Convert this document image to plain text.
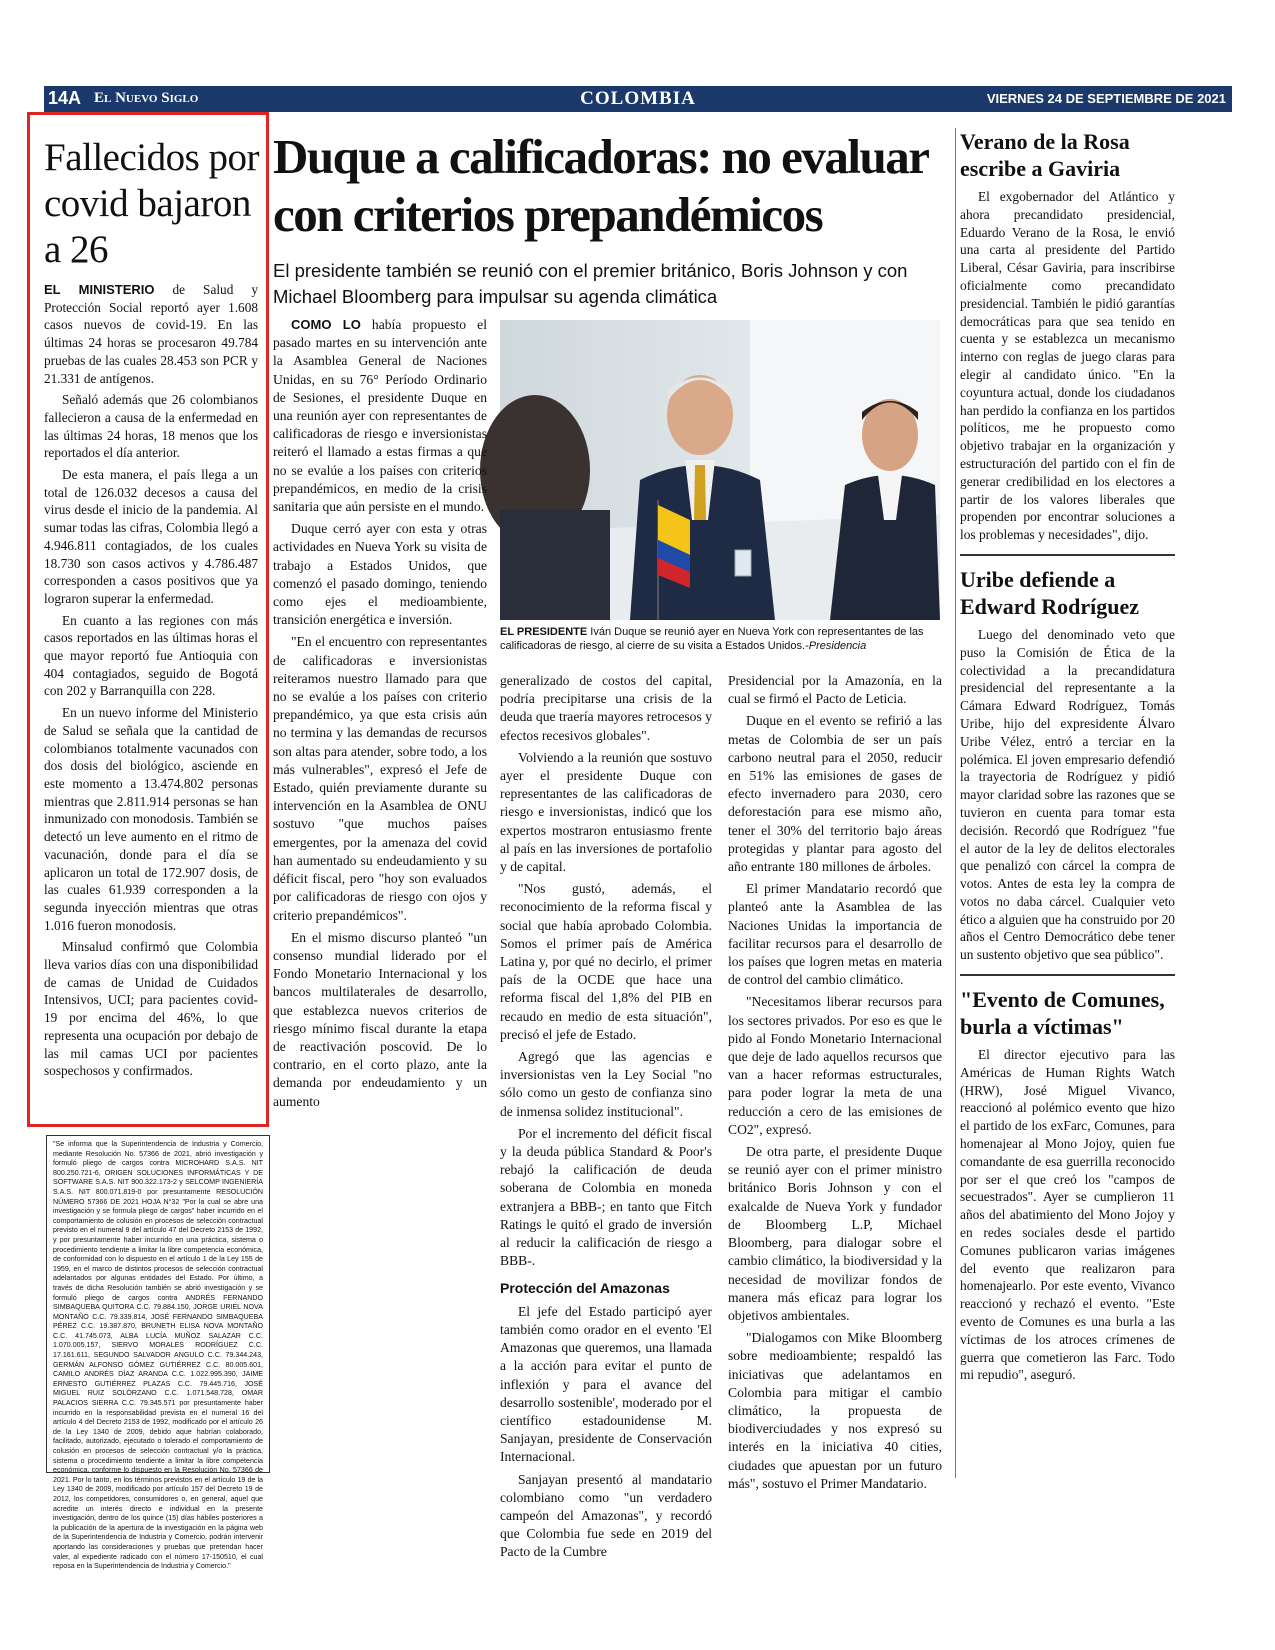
14A El Nuevo Siglo	COLOMBIA	VIERNES 24 DE SEPTIEMBRE DE 2021
Fallecidos por covid bajaron a 26

EL MINISTERIO de Salud y Protección Social reportó ayer 1.608 casos nuevos de covid-19. En las últimas 24 horas se procesaron 49.784 pruebas de las cuales 28.453 son PCR y 21.331 de antígenos.

Señaló además que 26 colombianos fallecieron a causa de la enfermedad en las últimas 24 horas, 18 menos que los reportados el día anterior.

De esta manera, el país llega a un total de 126.032 decesos a causa del virus desde el inicio de la pandemia. Al sumar todas las cifras, Colombia llegó a 4.946.811 contagiados, de los cuales 18.730 son casos activos y 4.786.487 corresponden a casos positivos que ya lograron superar la enfermedad.

En cuanto a las regiones con más casos reportados en las últimas horas el que mayor reportó fue Antioquia con 404 contagiados, seguido de Bogotá con 202 y Barranquilla con 228.

En un nuevo informe del Ministerio de Salud se señala que la cantidad de colombianos totalmente vacunados con dos dosis del biológico, asciende en este momento a 13.474.802 personas mientras que 2.811.914 personas se han inmunizado con monodosis. También se detectó un leve aumento en el ritmo de vacunación, donde para el día se aplicaron un total de 172.907 dosis, de las cuales 61.939 corresponden a la segunda inyección mientras que otras 1.016 fueron monodosis.

Minsalud confirmó que Colombia lleva varios días con una disponibilidad de camas de Unidad de Cuidados Intensivos, UCI; para pacientes covid-19 por encima del 46%, lo que representa una ocupación por debajo de las mil camas UCI por pacientes sospechosos y confirmados.

"Se informa que la Superintendencia de Industria y Comercio, mediante Resolución No. 57366 de 2021, abrió investigación y formuló pliego de cargos contra MICROHARD S.A.S. NIT 800.250.721-6, ORIGEN SOLUCIONES INFORMÁTICAS Y DE SOFTWARE S.A.S. NIT 900.322.173-2 y SELCOMP INGENIERÍA S.A.S. NIT 800.071.819-0 por presuntamente RESOLUCIÓN NÚMERO 57366 DE 2021 HOJA N°32 "Por la cual se abre una investigación y se formula pliego de cargos" haber incurrido en el comportamiento de colusión en procesos de selección contractual previsto en el numeral 9 del artículo 47 del Decreto 2153 de 1992, y por presuntamente haber incurrido en una práctica, sistema o procedimiento tendiente a limitar la libre competencia económica, de conformidad con lo dispuesto en el artículo 1 de la Ley 155 de 1959, en el marco de distintos procesos de selección contractual adelantados por algunas entidades del Estado. Por último, a través de dicha Resolución también se abrió investigación y se formuló pliego de cargos contra ANDRÉS FERNANDO SIMBAQUEBA QUITORA C.C. 79.884.150, JORGE URIEL NOVA MONTAÑO C.C. 79.339.814, JOSÉ FERNANDO SIMBAQUEBA PÉREZ C.C. 19.387.870, BRUNETH ELISA NOVA MONTAÑO C.C. 41.745.073, ALBA LUCÍA MUÑOZ SALAZAR C.C. 1.070.005.157, SIERVO MORALES RODRÍGUEZ C.C. 17.161.611, SEGUNDO SALVADOR ANGULO C.C. 79.344.243, GERMÁN ALFONSO GÓMEZ GUTIÉRREZ C.C. 80.005.601, CAMILO ANDRÉS DÍAZ ARANDA C.C. 1.022.995.390, JAIME ERNESTO GUTIÉRREZ PLAZAS C.C. 79.445.716, JOSÉ MIGUEL RUIZ SOLÓRZANO C.C. 1.071.548.728, OMAR PALACIOS SIERRA C.C. 79.345.571 por presuntamente haber incurrido en la responsabilidad prevista en el numeral 16 del artículo 4 del Decreto 2153 de 1992, modificado por el artículo 26 de la Ley 1340 de 2009, debido aque habrían colaborado, facilitado, autorizado, ejecutado o tolerado el comportamiento de colusión en procesos de selección contractual y/o la práctica, sistema o procedimiento tendiente a limitar la libre competencia económica, conforme lo dispuesto en la Resolución No. 57366 de 2021. Por lo tanto, en los términos previstos en el artículo 19 de la Ley 1340 de 2009, modificado por artículo 157 del Decreto 19 de 2012, los competidores, consumidores o, en general, aquel que acredite un interés directo e individual en la presente investigación, dentro de los quince (15) días hábiles posteriores a la publicación de la apertura de la investigación en la página web de la Superintendencia de Industria y Comercio, podrán intervenir aportando las consideraciones y pruebas que pretendan hacer valer, al expediente radicado con el número 17-150510, el cual reposa en la Superintendencia de Industria y Comercio."
Duque a calificadoras: no evaluar con criterios prepandémicos

El presidente también se reunió con el premier británico, Boris Johnson y con Michael Bloomberg para impulsar su agenda climática

EL PRESIDENTE Iván Duque se reunió ayer en Nueva York con representantes de las calificadoras de riesgo, al cierre de su visita a Estados Unidos.-Presidencia

COMO LO había propuesto el pasado martes en su intervención ante la Asamblea General de Naciones Unidas, en su 76° Período Ordinario de Sesiones, el presidente Duque en una reunión ayer con representantes de calificadoras de riesgo e inversionistas reiteró el llamado a estas firmas a que no se evalúe a los países con criterios prepandémicos, en medio de la crisis sanitaria que aún persiste en el mundo.

Duque cerró ayer con esta y otras actividades en Nueva York su visita de trabajo a Estados Unidos, que comenzó el pasado domingo, teniendo como ejes el medioambiente, transición energética e inversión.

"En el encuentro con representantes de calificadoras e inversionistas reiteramos nuestro llamado para que no se evalúe a los países con criterio prepandémico, ya que esta crisis aún no termina y las demandas de recursos son altas para atender, sobre todo, a los más vulnerables", expresó el Jefe de Estado, quién previamente durante su intervención en la Asamblea de ONU sostuvo "que muchos países emergentes, por la amenaza del covid han aumentado su endeudamiento y su déficit fiscal, pero "hoy son evaluados por calificadoras de riesgo con ojos y criterio prepandémicos".

En el mismo discurso planteó "un consenso mundial liderado por el Fondo Monetario Internacional y los bancos multilaterales de desarrollo, que establezca nuevos criterios de riesgo mínimo fiscal durante la etapa de reactivación poscovid. De lo contrario, en el corto plazo, ante la demanda por endeudamiento y un aumento

generalizado de costos del capital, podría precipitarse una crisis de la deuda que traería mayores retrocesos y efectos recesivos globales".

Volviendo a la reunión que sostuvo ayer el presidente Duque con representantes de las calificadoras de riesgo e inversionistas, indicó que los expertos mostraron entusiasmo frente al país en las inversiones de portafolio y de capital.

"Nos gustó, además, el reconocimiento de la reforma fiscal y social que había aprobado Colombia. Somos el primer país de América Latina y, por qué no decirlo, el primer país de la OCDE que hace una reforma fiscal del 1,8% del PIB en recaudo en medio de esta situación", precisó el jefe de Estado.

Agregó que las agencias e inversionistas ven la Ley Social "no sólo como un gesto de confianza sino de inmensa solidez institucional".

Por el incremento del déficit fiscal y la deuda pública Standard & Poor's rebajó la calificación de deuda soberana de Colombia en moneda extranjera a BBB-; en tanto que Fitch Ratings le quitó el grado de inversión al reducir la calificación de riesgo a BBB-.

Protección del Amazonas

El jefe del Estado participó ayer también como orador en el evento 'El Amazonas que queremos, una llamada a la acción para evitar el punto de inflexión y para el avance del desarrollo sostenible', moderado por el científico estadounidense M. Sanjayan, presidente de Conservación Internacional.

Sanjayan presentó al mandatario colombiano como "un verdadero campeón del Amazonas", y recordó que Colombia fue sede en 2019 del Pacto de la Cumbre

Presidencial por la Amazonía, en la cual se firmó el Pacto de Leticia.

Duque en el evento se refirió a las metas de Colombia de ser un país carbono neutral para el 2050, reducir en 51% las emisiones de gases de efecto invernadero para 2030, cero deforestación para ese mismo año, tener el 30% del territorio bajo áreas protegidas y plantar para agosto del año entrante 180 millones de árboles.

El primer Mandatario recordó que planteó ante la Asamblea de las Naciones Unidas la importancia de facilitar recursos para el desarrollo de los países que logren metas en materia de control del cambio climático.

"Necesitamos liberar recursos para los sectores privados. Por eso es que le pido al Fondo Monetario Internacional que deje de lado aquellos recursos que van a hacer reformas estructurales, para poder lograr la meta de una reducción a cero de las emisiones de CO2", expresó.

De otra parte, el presidente Duque se reunió ayer con el primer ministro británico Boris Johnson y con el exalcalde de Nueva York y fundador de Bloomberg L.P, Michael Bloomberg, para dialogar sobre el cambio climático, la biodiversidad y la necesidad de movilizar fondos de manera más eficaz para lograr los objetivos ambientales.

"Dialogamos con Mike Bloomberg sobre medioambiente; respaldó las iniciativas que adelantamos en Colombia para mitigar el cambio climático, la propuesta de biodiverciudades y nos expresó su interés en la iniciativa 40 cities, ciudades que apuestan por un futuro más", sostuvo el Primer Mandatario.

Verano de la Rosa escribe a Gaviria

El exgobernador del Atlántico y ahora precandidato presidencial, Eduardo Verano de la Rosa, le envió una carta al presidente del Partido Liberal, César Gaviria, para inscribirse oficialmente como precandidato presidencial. También le pidió garantías democráticas para que sea tenido en cuenta y se establezca un mecanismo interno con reglas de juego claras para elegir al candidato único. "En la coyuntura actual, donde los ciudadanos han perdido la confianza en los partidos políticos, me he propuesto como objetivo trabajar en la organización y estructuración del partido con el fin de generar credibilidad en los electores a partir de los valores liberales que propenden por encontrar soluciones a los problemas y necesidades", dijo.

Uribe defiende a Edward Rodríguez

Luego del denominado veto que puso la Comisión de Ética de la colectividad a la precandidatura presidencial del representante a la Cámara Edward Rodríguez, Tomás Uribe, hijo del expresidente Álvaro Uribe Vélez, entró a terciar en la polémica. El joven empresario defendió la trayectoria de Rodríguez y pidió mayor claridad sobre las razones que se tuvieron en cuenta para tomar esta decisión. Recordó que Rodríguez "fue el autor de la ley de delitos electorales que penalizó con cárcel la compra de votos. Antes de esta ley la compra de votos no daba cárcel. Cualquier veto ético a alguien que ha construido por 20 años el Centro Democrático debe tener un sustento objetivo que sea público".

"Evento de Comunes, burla a víctimas"

El director ejecutivo para las Américas de Human Rights Watch (HRW), José Miguel Vivanco, reaccionó al polémico evento que hizo el partido de los exFarc, Comunes, para homenajear al Mono Jojoy, quien fue comandante de esa guerrilla reconocido por ser el que creó los "campos de secuestrados". Ayer se cumplieron 11 años del abatimiento del Mono Jojoy y en redes sociales desde el partido Comunes publicaron varias imágenes del evento que realizaron para homenajearlo. Por este evento, Vivanco reaccionó y rechazó el evento. "Este evento de Comunes es una burla a las víctimas de los atroces crímenes de guerra que cometieron las Farc. Todo mi repudio", aseguró.
